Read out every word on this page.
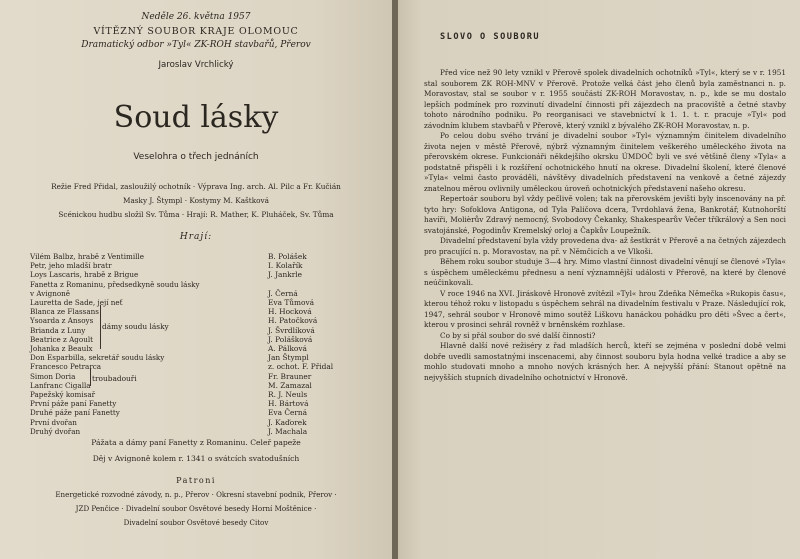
Neděle 26. května 1957
VÍTĚZNÝ SOUBOR KRAJE OLOMOUC
Dramatický odbor »Tyl« ZK-ROH stavbařů, Přerov
Jaroslav Vrchlický
Soud lásky
Veselohra o třech jednáních
Režie Fred Přidal, zasloužilý ochotník · Výprava Ing. arch. Al. Pilc a Fr. Kučián
Masky J. Štympl · Kostymy M. Kaštková
Scénickou hudbu složil Sv. Tůma · Hrají: R. Mather, K. Pluháček, Sv. Tůma
Hrají:
Vilém Balbz, hrabě z Ventimille	B. Polášek
Petr, jeho mladší bratr	I. Kolařík
Loys Lascaris, hrabě z Brigue	J. Jankrle
Fanetta z Romaninu, předsedkyně soudu lásky
v Avignoně	J. Černá
Lauretta de Sade, její neť	Eva Tůmová
Blanca ze Flassans	H. Hocková
Ysoarda z Ansoys	H. Patočková
Brianda z Luny	J. Švrdlíková
Beatrice z Agoult	J. Polášková
Johanka z Beaulx	A. Pálková
Don Esparbilla, sekretář soudu lásky	Jan Štympl
Francesco Petrarca	z. ochot. F. Přidal
Simon Doria	Fr. Brauner
Lanfranc Cigalla	M. Zamazal
Papežský komisař	R. J. Neuls
První páže paní Fanetty	H. Bártová
Druhé páže paní Fanetty	Eva Černá
První dvořan	J. Kaďorek
Druhý dvořan	J. Machala
dámy soudu lásky
troubadouři
Pážata a dámy paní Fanetty z Romaninu. Celeř papeže
Děj v Avignoně kolem r. 1341 o svátcích svatodušních
Patroni
Energetické rozvodné závody, n. p., Přerov · Okresní stavební podnik, Přerov ·
JZD Penčice · Divadelní soubor Osvětové besedy Horní Moštěnice ·
Divadelní soubor Osvětové besedy Citov
SLOVO O SOUBORU

Před více než 90 lety vznikl v Přerově spolek divadelních ochotníků »Tyl«, který se v r. 1951 stal souborem ZK ROH-MNV v Přerově. Protože velká část jeho členů byla zaměstnanci n. p. Moravostav, stal se soubor v r. 1955 součástí ZK-ROH Moravostav, n. p., kde se mu dostalo lepších podmínek pro rozvinutí divadelní činnosti při zájezdech na pracoviště a četné stavby tohoto národního podniku. Po reorganisaci ve stavebnictví k 1. 1. t. r. pracuje »Tyl« pod závodním klubem stavbařů v Přerově, který vznikl z bývalého ZK-ROH Moravostav, n. p.

Po celou dobu svého trvání je divadelní soubor »Tyl« významným činitelem divadelního života nejen v městě Přerově, nýbrž významným činitelem veškerého uměleckého života na přerovském okrese. Funkcionáři někdejšího okrsku ÚMDOČ byli ve své většině členy »Tyla« a podstatně přispěli i k rozšíření ochotnického hnutí na okrese. Divadelní školení, které členové »Tyla« velmi často prováděli, návštěvy divadelních představení na venkově a četné zájezdy znatelnou měrou ovlivnily uměleckou úroveň ochotnických představení našeho okresu.

Repertoár souboru byl vždy pečlivě volen; tak na přerovském jevišti byly inscenovány na př. tyto hry: Sofoklova Antigona, od Tyla Paličova dcera, Tvrdohlavá žena, Bankrotář, Kutnohorští havíři, Molièrův Zdravý nemocný, Svobodovy Čekanky, Shakespearův Večer tříkrálový a Sen noci svatojánské, Pogodinův Kremelský orloj a Čapkův Loupežník.

Divadelní představení byla vždy provedena dva- až šestkrát v Přerově a na četných zájezdech pro pracující n. p. Moravostav, na př. v Němčicích a ve Vlkoši.

Během roku soubor studuje 3—4 hry. Mimo vlastní činnost divadelní věnují se členové »Tyla« s úspěchem uměleckému přednesu a není významnější události v Přerově, na které by členové neúčinkovali.

V roce 1946 na XVI. Jiráskově Hronově zvítězil »Tyl« hrou Zdeňka Němečka »Rukopis času«, kterou téhož roku v listopadu s úspěchem sehrál na divadelním festivalu v Praze. Následující rok, 1947, sehrál soubor v Hronově mimo soutěž Liškovu hanáckou pohádku pro děti »Švec a čert«, kterou v prosinci sehrál rovněž v brněnském rozhlase.

Co by si přál soubor do své další činnosti?

Hlavně další nové režiséry z řad mladších herců, kteří se zejména v poslední době velmi dobře uvedli samostatnými inscenacemi, aby činnost souboru byla hodna velké tradice a aby se mohlo studovati mnoho a mnoho nových krásných her. A nejvyšší přání: Stanout opětně na nejvyšších stupních divadelního ochotnictví v Hronově.
